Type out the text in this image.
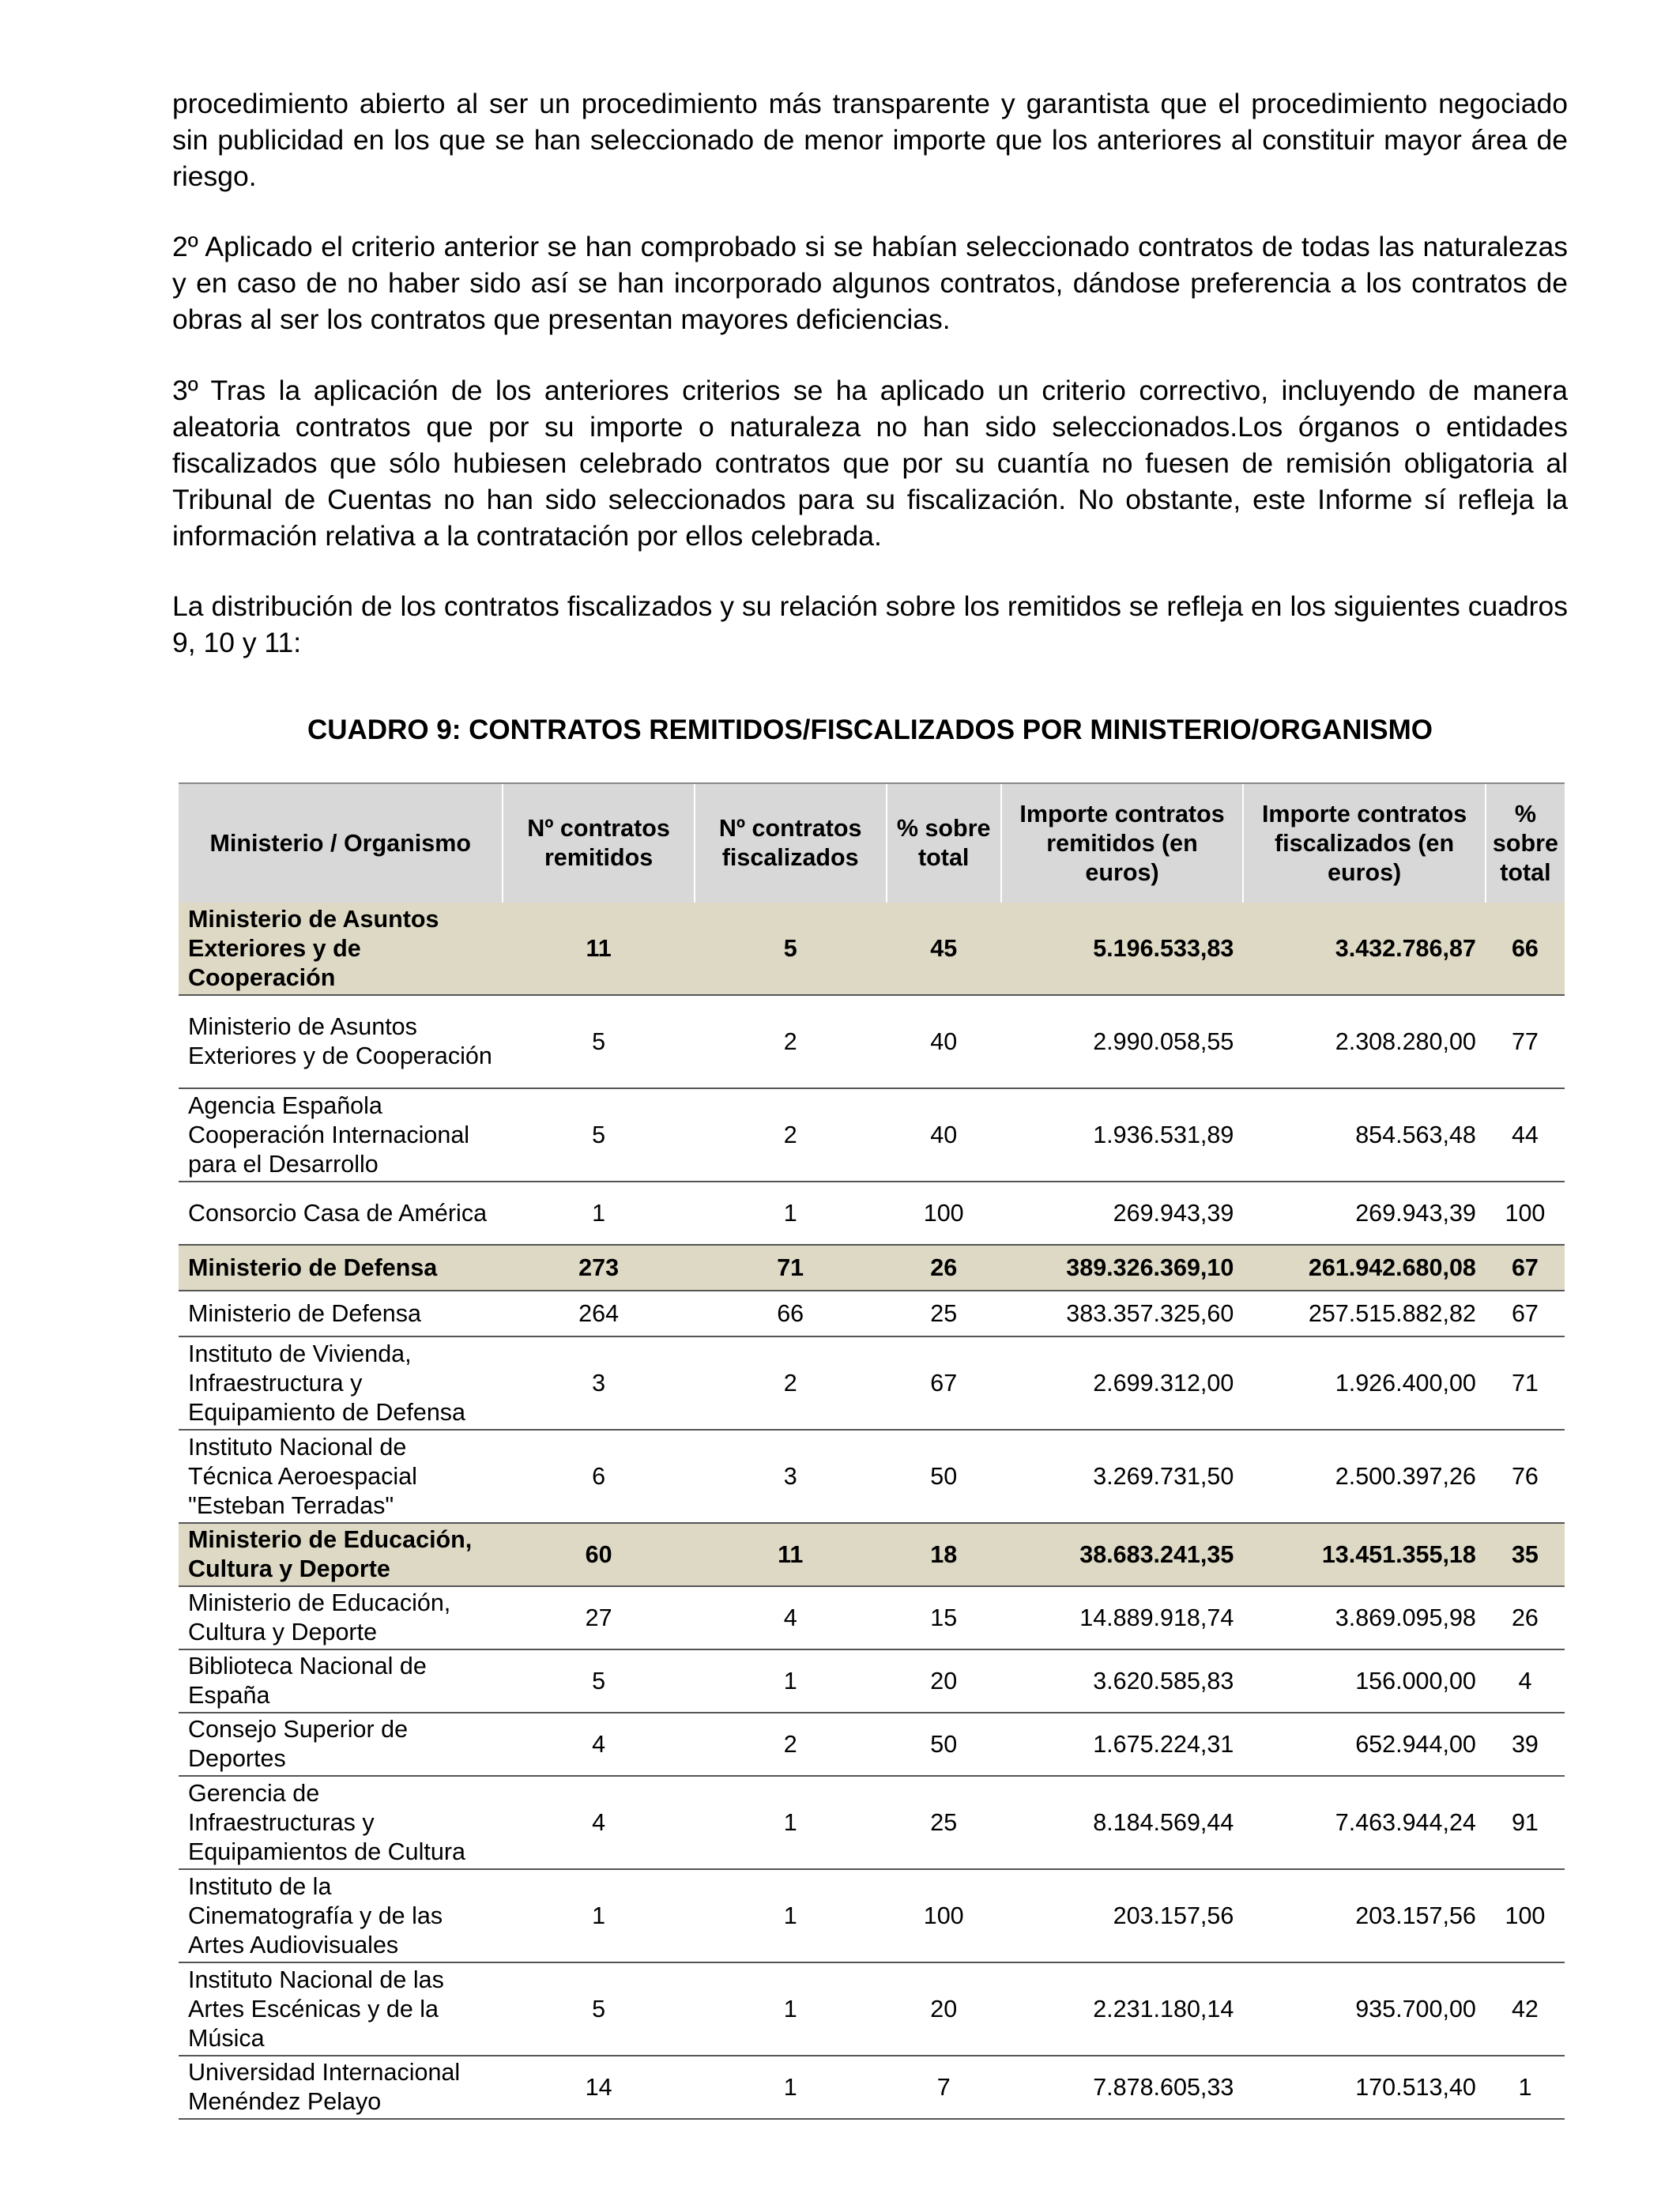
procedimiento abierto al ser un procedimiento más transparente y garantista que el procedimiento negociado sin publicidad en los que se han seleccionado de menor importe que los anteriores al constituir mayor área de riesgo.
2º Aplicado el criterio anterior se han comprobado si se habían seleccionado contratos de todas las naturalezas y en caso de no haber sido así se han incorporado algunos contratos, dándose preferencia a los contratos de obras al ser los contratos que presentan mayores deficiencias.
3º Tras la aplicación de los anteriores criterios se ha aplicado un criterio correctivo, incluyendo de manera aleatoria contratos que por su importe o naturaleza no han sido seleccionados.Los órganos o entidades fiscalizados que sólo hubiesen celebrado contratos que por su cuantía no fuesen de remisión obligatoria al Tribunal de Cuentas no han sido seleccionados para su fiscalización. No obstante, este Informe sí refleja la información relativa a la contratación por ellos celebrada.
La distribución de los contratos fiscalizados y su relación sobre los remitidos se refleja en los siguientes cuadros 9, 10 y 11:
CUADRO 9: CONTRATOS REMITIDOS/FISCALIZADOS POR MINISTERIO/ORGANISMO
Ministerio / Organismo	Nº contratos remitidos	Nº contratos fiscalizados	% sobre total	Importe contratos remitidos (en euros)	Importe contratos fiscalizados (en euros)	% sobre total
Ministerio de Asuntos Exteriores y de Cooperación	11	5	45	5.196.533,83	3.432.786,87	66
Ministerio de Asuntos Exteriores y de Cooperación	5	2	40	2.990.058,55	2.308.280,00	77
Agencia Española Cooperación Internacional para el Desarrollo	5	2	40	1.936.531,89	854.563,48	44
Consorcio Casa de América	1	1	100	269.943,39	269.943,39	100
Ministerio de Defensa	273	71	26	389.326.369,10	261.942.680,08	67
Ministerio de Defensa	264	66	25	383.357.325,60	257.515.882,82	67
Instituto de Vivienda, Infraestructura y Equipamiento de Defensa	3	2	67	2.699.312,00	1.926.400,00	71
Instituto Nacional de Técnica Aeroespacial "Esteban Terradas"	6	3	50	3.269.731,50	2.500.397,26	76
Ministerio de Educación, Cultura y Deporte	60	11	18	38.683.241,35	13.451.355,18	35
Ministerio de Educación, Cultura y Deporte	27	4	15	14.889.918,74	3.869.095,98	26
Biblioteca Nacional de España	5	1	20	3.620.585,83	156.000,00	4
Consejo Superior de Deportes	4	2	50	1.675.224,31	652.944,00	39
Gerencia de Infraestructuras y Equipamientos de Cultura	4	1	25	8.184.569,44	7.463.944,24	91
Instituto de la Cinematografía y de las Artes Audiovisuales	1	1	100	203.157,56	203.157,56	100
Instituto Nacional de las Artes Escénicas y de la Música	5	1	20	2.231.180,14	935.700,00	42
Universidad Internacional Menéndez Pelayo	14	1	7	7.878.605,33	170.513,40	1
